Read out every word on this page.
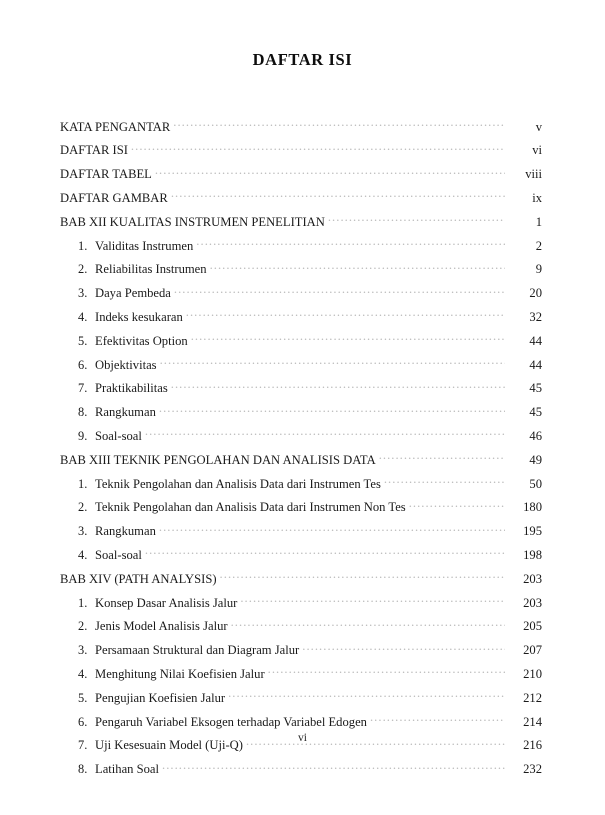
DAFTAR ISI
KATA PENGANTAR .....	v
DAFTAR ISI .....	vi
DAFTAR TABEL .....	viii
DAFTAR GAMBAR .....	ix
BAB XII KUALITAS INSTRUMEN PENELITIAN .....	1
1. Validitas Instrumen .....	2
2. Reliabilitas Instrumen .....	9
3. Daya Pembeda .....	20
4. Indeks kesukaran .....	32
5. Efektivitas Option .....	44
6. Objektivitas .....	44
7. Praktikabilitas .....	45
8. Rangkuman .....	45
9. Soal-soal .....	46
BAB XIII TEKNIK PENGOLAHAN DAN ANALISIS DATA .....	49
1. Teknik Pengolahan dan Analisis Data dari Instrumen Tes .....	50
2. Teknik Pengolahan dan Analisis Data dari Instrumen Non Tes .....	180
3. Rangkuman .....	195
4. Soal-soal .....	198
BAB XIV (PATH ANALYSIS) .....	203
1. Konsep Dasar Analisis Jalur .....	203
2. Jenis Model Analisis Jalur .....	205
3. Persamaan Struktural dan Diagram Jalur .....	207
4. Menghitung Nilai Koefisien Jalur .....	210
5. Pengujian Koefisien Jalur .....	212
6. Pengaruh Variabel Eksogen terhadap Variabel Edogen .....	214
7. Uji Kesesuain Model (Uji-Q) .....	216
8. Latihan Soal .....	232
vi
